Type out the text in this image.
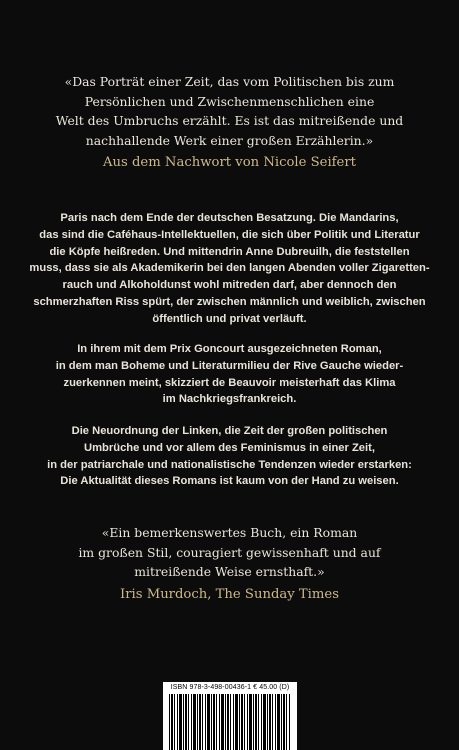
«Das Porträt einer Zeit, das vom Politischen bis zum
Persönlichen und Zwischenmenschlichen eine
Welt des Umbruchs erzählt. Es ist das mitreißende und
nachhallende Werk einer großen Erzählerin.»
Aus dem Nachwort von Nicole Seifert
Paris nach dem Ende der deutschen Besatzung. Die Mandarins,
das sind die Caféhaus-Intellektuellen, die sich über Politik und Literatur
die Köpfe heißreden. Und mittendrin Anne Dubreuilh, die feststellen
muss, dass sie als Akademikerin bei den langen Abenden voller Zigaretten-
rauch und Alkoholdunst wohl mitreden darf, aber dennoch den
schmerzhaften Riss spürt, der zwischen männlich und weiblich, zwischen
öffentlich und privat verläuft.
In ihrem mit dem Prix Goncourt ausgezeichneten Roman,
in dem man Boheme und Literaturmilieu der Rive Gauche wieder-
zuerkennen meint, skizziert de Beauvoir meisterhaft das Klima
im Nachkriegsfrankreich.
Die Neuordnung der Linken, die Zeit der großen politischen
Umbrüche und vor allem des Feminismus in einer Zeit,
in der patriarchale und nationalistische Tendenzen wieder erstarken:
Die Aktualität dieses Romans ist kaum von der Hand zu weisen.
«Ein bemerkenswertes Buch, ein Roman
im großen Stil, couragiert gewissenhaft und auf
mitreißende Weise ernsthaft.»
Iris Murdoch, The Sunday Times
ISBN 978-3-498-00436-1 € 45.00 (D)
